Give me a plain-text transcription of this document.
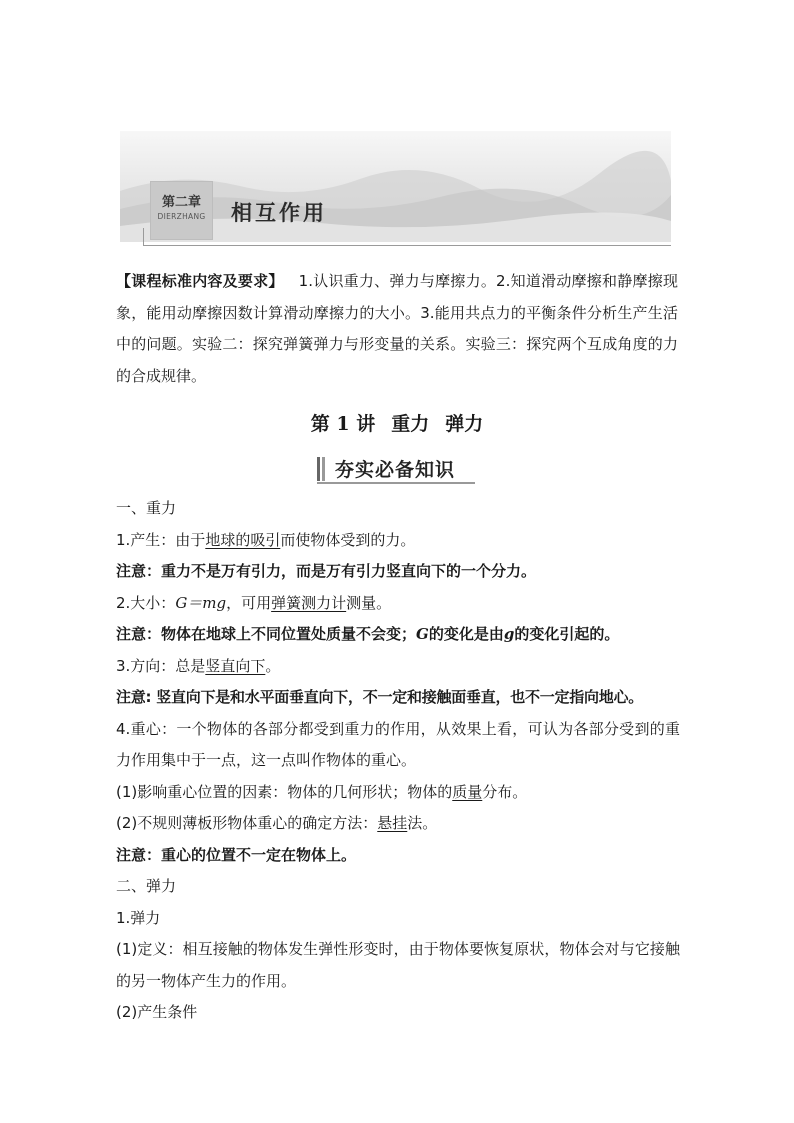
第二章
DIERZHANG	相互作用
【课程标准内容及要求】 1.认识重力、弹力与摩擦力。2.知道滑动摩擦和静摩擦现象，能用动摩擦因数计算滑动摩擦力的大小。3.能用共点力的平衡条件分析生产生活中的问题。实验二：探究弹簧弹力与形变量的关系。实验三：探究两个互成角度的力的合成规律。
第 1 讲 重力 弹力
夯实必备知识
一、重力
1.产生：由于地球的吸引而使物体受到的力。
注意：重力不是万有引力，而是万有引力竖直向下的一个分力。
2.大小：G＝mg，可用弹簧测力计测量。
注意：物体在地球上不同位置处质量不会变；G的变化是由g的变化引起的。
3.方向：总是竖直向下。
注意: 竖直向下是和水平面垂直向下，不一定和接触面垂直，也不一定指向地心。
4.重心：一个物体的各部分都受到重力的作用，从效果上看，可认为各部分受到的重力作用集中于一点，这一点叫作物体的重心。
(1)影响重心位置的因素：物体的几何形状；物体的质量分布。
(2)不规则薄板形物体重心的确定方法：悬挂法。
注意：重心的位置不一定在物体上。
二、弹力
1.弹力
(1)定义：相互接触的物体发生弹性形变时，由于物体要恢复原状，物体会对与它接触的另一物体产生力的作用。
(2)产生条件
